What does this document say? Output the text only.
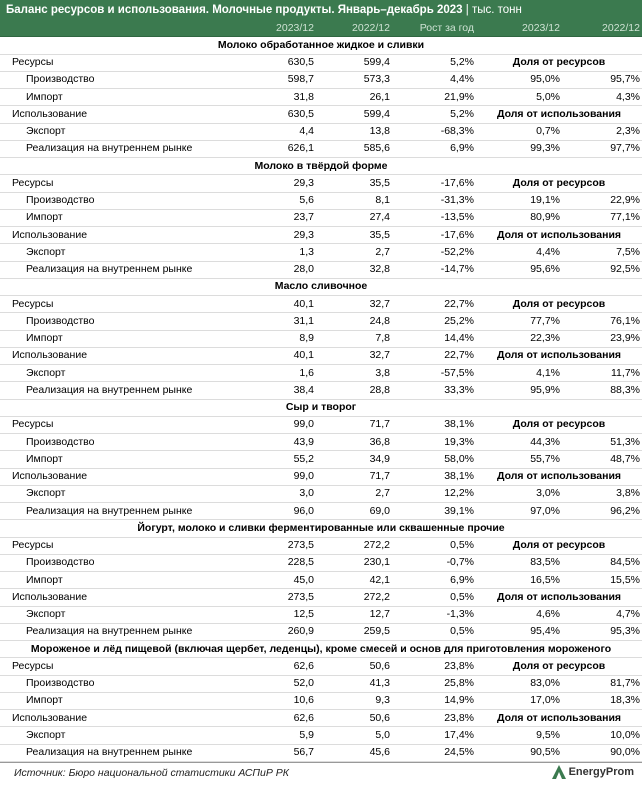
Баланс ресурсов и использования. Молочные продукты. Январь–декабрь 2023 | тыс. тонн
	2023/12	2022/12	Рост за год	2023/12	2022/12
Молоко обработанное жидкое и сливки					
Ресурсы	630,5	599,4	5,2%	Доля от ресурсов	
Производство	598,7	573,3	4,4%	95,0%	95,7%
Импорт	31,8	26,1	21,9%	5,0%	4,3%
Использование	630,5	599,4	5,2%	Доля от использования	
Экспорт	4,4	13,8	-68,3%	0,7%	2,3%
Реализация на внутреннем рынке	626,1	585,6	6,9%	99,3%	97,7%
Молоко в твёрдой форме					
Ресурсы	29,3	35,5	-17,6%	Доля от ресурсов	
Производство	5,6	8,1	-31,3%	19,1%	22,9%
Импорт	23,7	27,4	-13,5%	80,9%	77,1%
Использование	29,3	35,5	-17,6%	Доля от использования	
Экспорт	1,3	2,7	-52,2%	4,4%	7,5%
Реализация на внутреннем рынке	28,0	32,8	-14,7%	95,6%	92,5%
Масло сливочное					
Ресурсы	40,1	32,7	22,7%	Доля от ресурсов	
Производство	31,1	24,8	25,2%	77,7%	76,1%
Импорт	8,9	7,8	14,4%	22,3%	23,9%
Использование	40,1	32,7	22,7%	Доля от использования	
Экспорт	1,6	3,8	-57,5%	4,1%	11,7%
Реализация на внутреннем рынке	38,4	28,8	33,3%	95,9%	88,3%
Сыр и творог					
Ресурсы	99,0	71,7	38,1%	Доля от ресурсов	
Производство	43,9	36,8	19,3%	44,3%	51,3%
Импорт	55,2	34,9	58,0%	55,7%	48,7%
Использование	99,0	71,7	38,1%	Доля от использования	
Экспорт	3,0	2,7	12,2%	3,0%	3,8%
Реализация на внутреннем рынке	96,0	69,0	39,1%	97,0%	96,2%
Йогурт, молоко и сливки ферментированные или сквашенные прочие					
Ресурсы	273,5	272,2	0,5%	Доля от ресурсов	
Производство	228,5	230,1	-0,7%	83,5%	84,5%
Импорт	45,0	42,1	6,9%	16,5%	15,5%
Использование	273,5	272,2	0,5%	Доля от использования	
Экспорт	12,5	12,7	-1,3%	4,6%	4,7%
Реализация на внутреннем рынке	260,9	259,5	0,5%	95,4%	95,3%
Мороженое и лёд пищевой (включая щербет, леденцы), кроме смесей и основ для приготовления мороженого					
Ресурсы	62,6	50,6	23,8%	Доля от ресурсов	
Производство	52,0	41,3	25,8%	83,0%	81,7%
Импорт	10,6	9,3	14,9%	17,0%	18,3%
Использование	62,6	50,6	23,8%	Доля от использования	
Экспорт	5,9	5,0	17,4%	9,5%	10,0%
Реализация на внутреннем рынке	56,7	45,6	24,5%	90,5%	90,0%
Источник: Бюро национальной статистики АСПиР РК	EnergyProm
